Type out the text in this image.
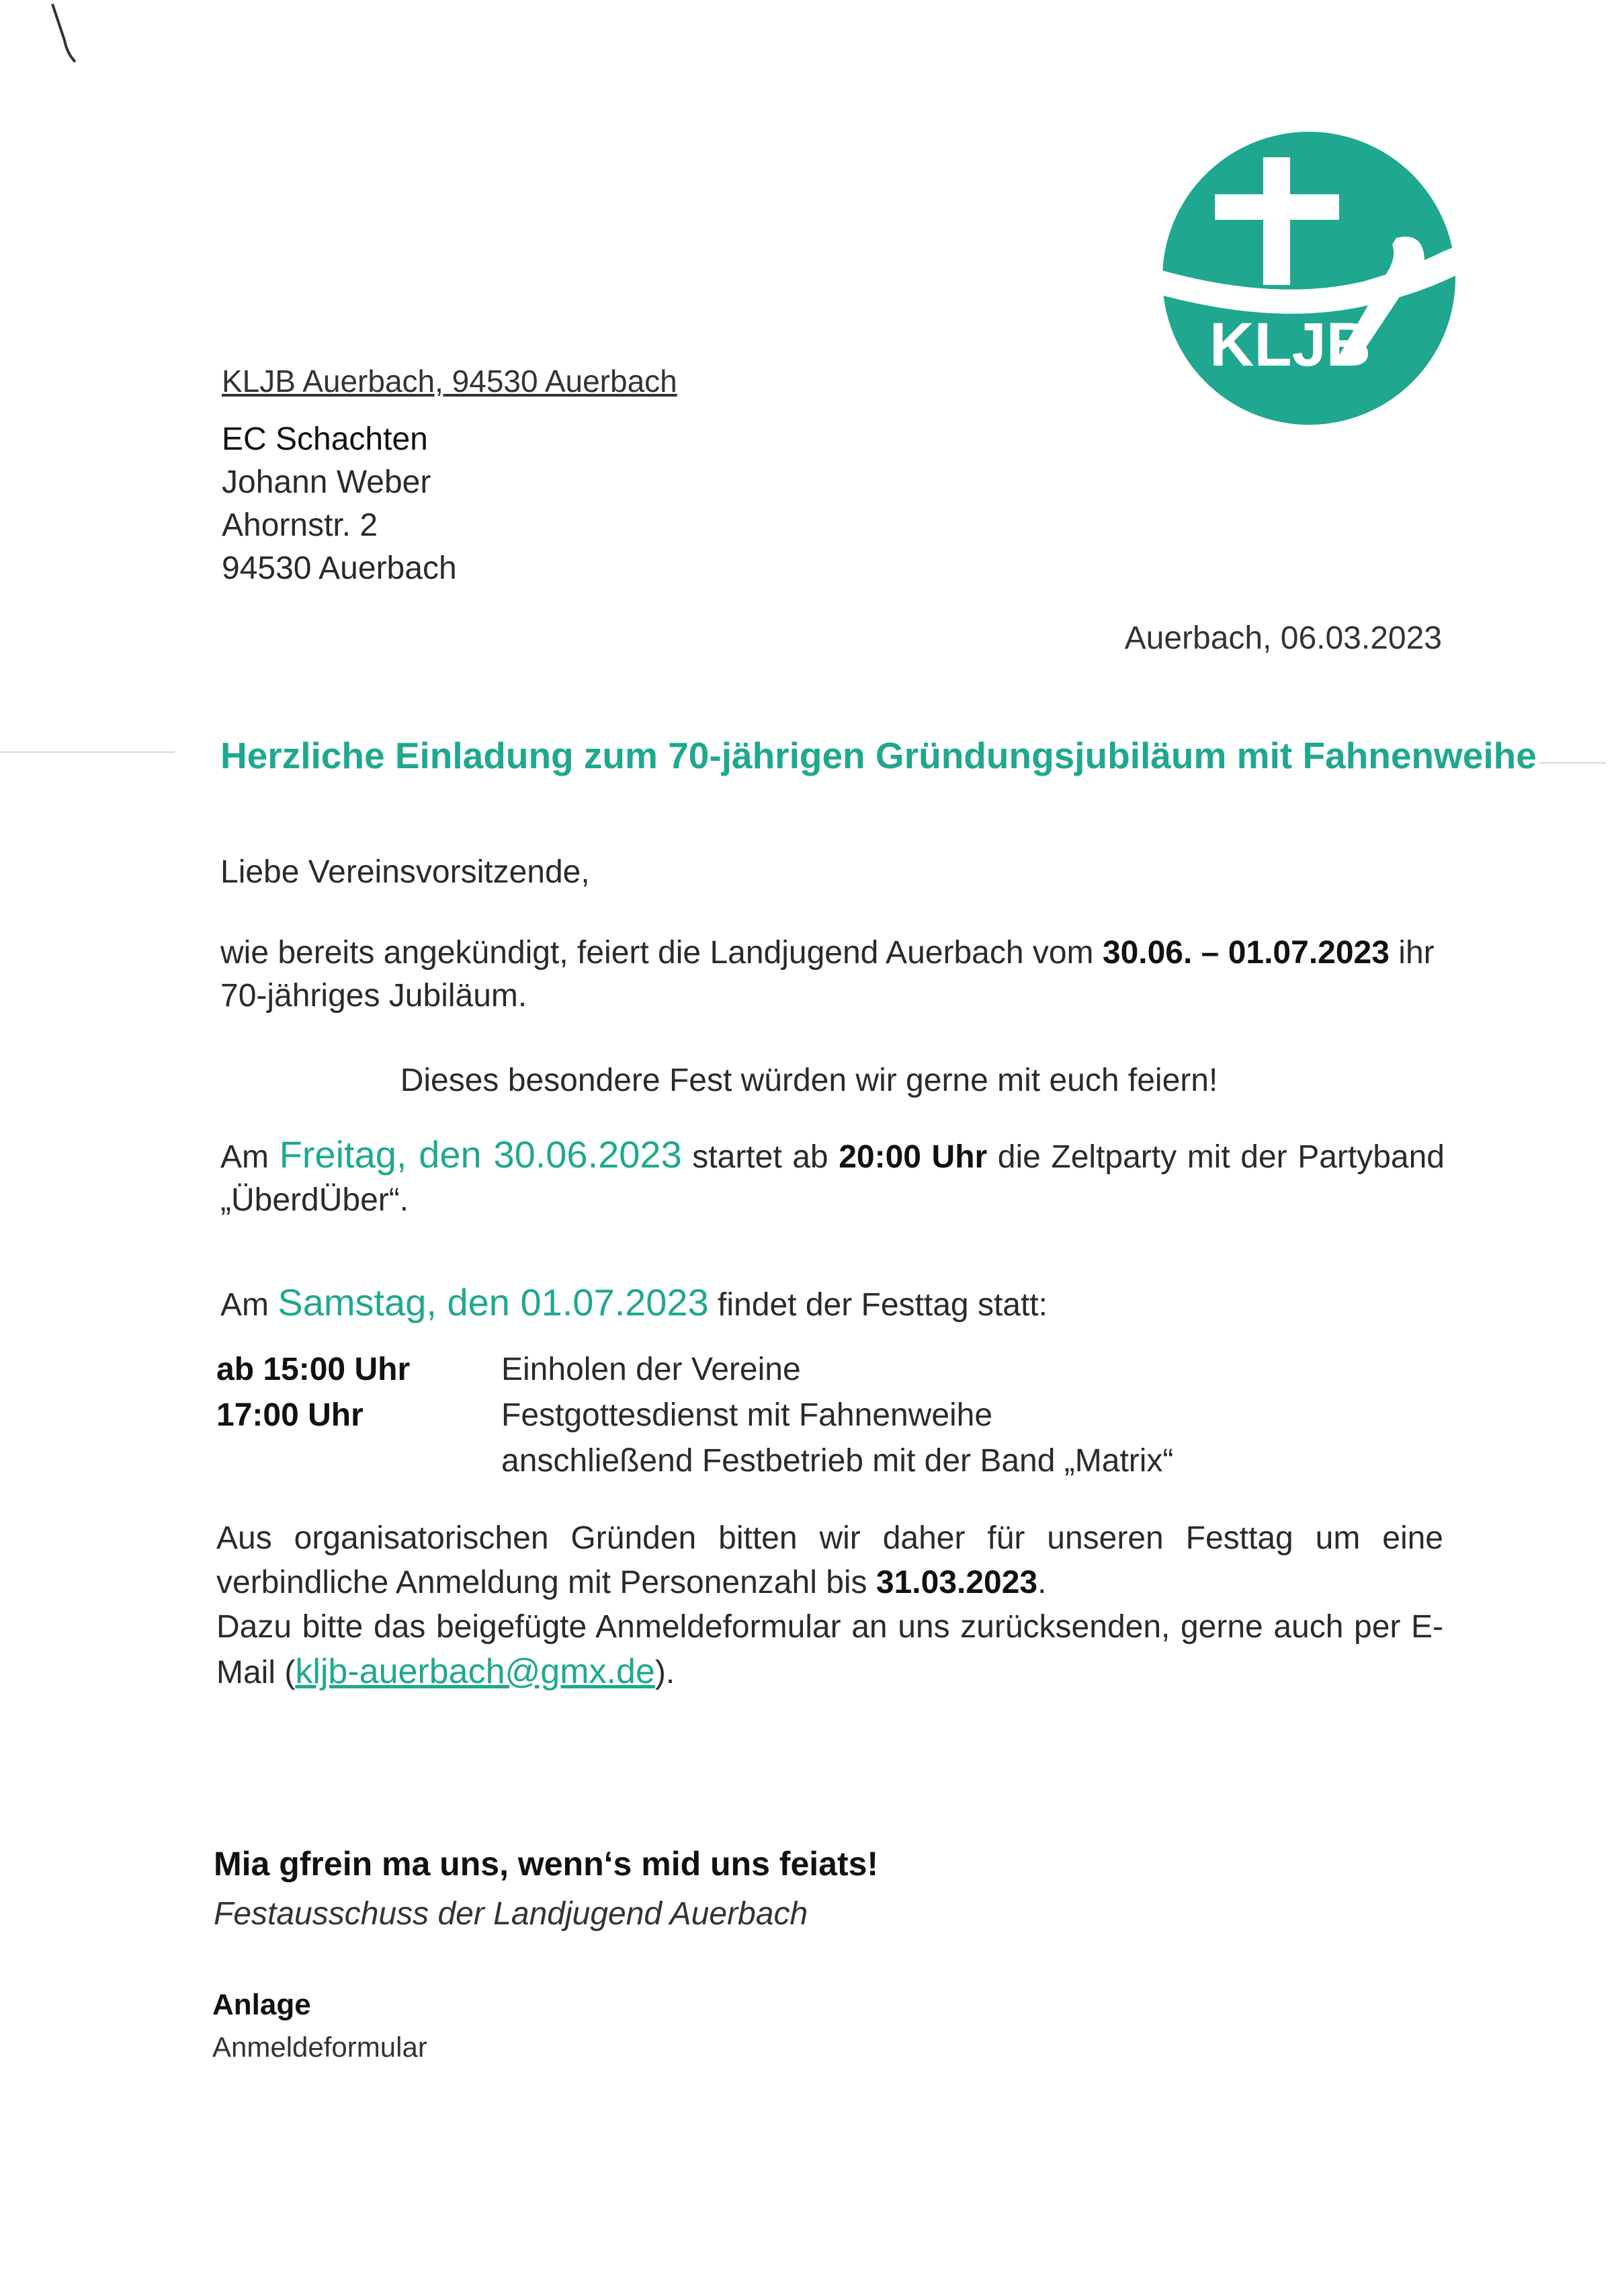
KLJB
KLJB Auerbach, 94530 Auerbach
EC Schachten
Johann Weber
Ahornstr. 2
94530 Auerbach
Auerbach, 06.03.2023
Herzliche Einladung zum 70-jährigen Gründungsjubiläum mit Fahnenweihe
Liebe Vereinsvorsitzende,
wie bereits angekündigt, feiert die Landjugend Auerbach vom 30.06. – 01.07.2023 ihr 70-jähriges Jubiläum.
Dieses besondere Fest würden wir gerne mit euch feiern!
Am Freitag, den 30.06.2023 startet ab 20:00 Uhr die Zeltparty mit der Partyband „ÜberdÜber“.
Am Samstag, den 01.07.2023 findet der Festtag statt:
ab 15:00 Uhr	Einholen der Vereine
17:00 Uhr	Festgottesdienst mit Fahnenweihe
anschließend Festbetrieb mit der Band „Matrix“
Aus organisatorischen Gründen bitten wir daher für unseren Festtag um eine verbindliche Anmeldung mit Personenzahl bis 31.03.2023.
Dazu bitte das beigefügte Anmeldeformular an uns zurücksenden, gerne auch per E-Mail (kljb-auerbach@gmx.de).
Mia gfrein ma uns, wenn‘s mid uns feiats!
Festausschuss der Landjugend Auerbach
Anlage
Anmeldeformular
